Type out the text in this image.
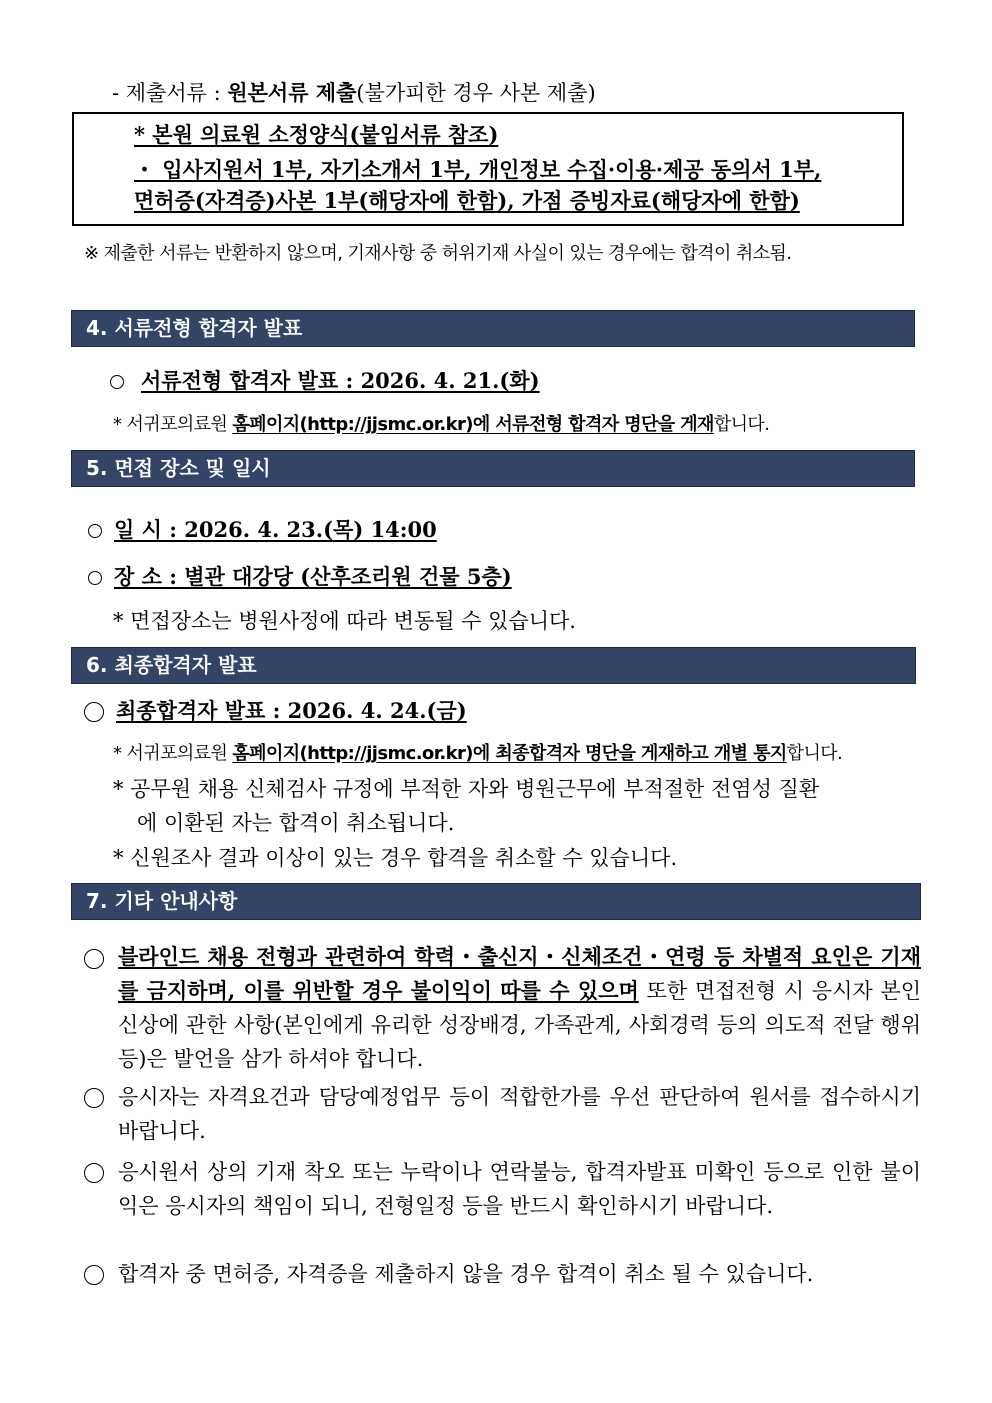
- 제출서류 : 원본서류 제출(불가피한 경우 사본 제출)
* 본원 의료원 소정양식(붙임서류 참조)
・ 입사지원서 1부, 자기소개서 1부, 개인정보 수집·이용·제공 동의서 1부,
면허증(자격증)사본 1부(해당자에 한함), 가점 증빙자료(해당자에 한함)
※ 제출한 서류는 반환하지 않으며, 기재사항 중 허위기재 사실이 있는 경우에는 합격이 취소됨.
4. 서류전형 합격자 발표
서류전형 합격자 발표 : 2026. 4. 21.(화)
* 서귀포의료원 홈페이지(http://jjsmc.or.kr)에 서류전형 합격자 명단을 게재합니다.
5. 면접 장소 및 일시
일 시 : 2026. 4. 23.(목) 14:00
장 소 : 별관 대강당 (산후조리원 건물 5층)
* 면접장소는 병원사정에 따라 변동될 수 있습니다.
6. 최종합격자 발표
최종합격자 발표 : 2026. 4. 24.(금)
* 서귀포의료원 홈페이지(http://jjsmc.or.kr)에 최종합격자 명단을 게재하고 개별 통지합니다.
* 공무원 채용 신체검사 규정에 부적한 자와 병원근무에 부적절한 전염성 질환
에 이환된 자는 합격이 취소됩니다.
* 신원조사 결과 이상이 있는 경우 합격을 취소할 수 있습니다.
7. 기타 안내사항
블라인드 채용 전형과 관련하여 학력・출신지・신체조건・연령 등 차별적 요인은 기재를 금지하며, 이를 위반할 경우 불이익이 따를 수 있으며 또한 면접전형 시 응시자 본인 신상에 관한 사항(본인에게 유리한 성장배경, 가족관계, 사회경력 등의 의도적 전달 행위 등)은 발언을 삼가 하셔야 합니다.
응시자는 자격요건과 담당예정업무 등이 적합한가를 우선 판단하여 원서를 접수하시기 바랍니다.
응시원서 상의 기재 착오 또는 누락이나 연락불능, 합격자발표 미확인 등으로 인한 불이익은 응시자의 책임이 되니, 전형일정 등을 반드시 확인하시기 바랍니다.
합격자 중 면허증, 자격증을 제출하지 않을 경우 합격이 취소 될 수 있습니다.
